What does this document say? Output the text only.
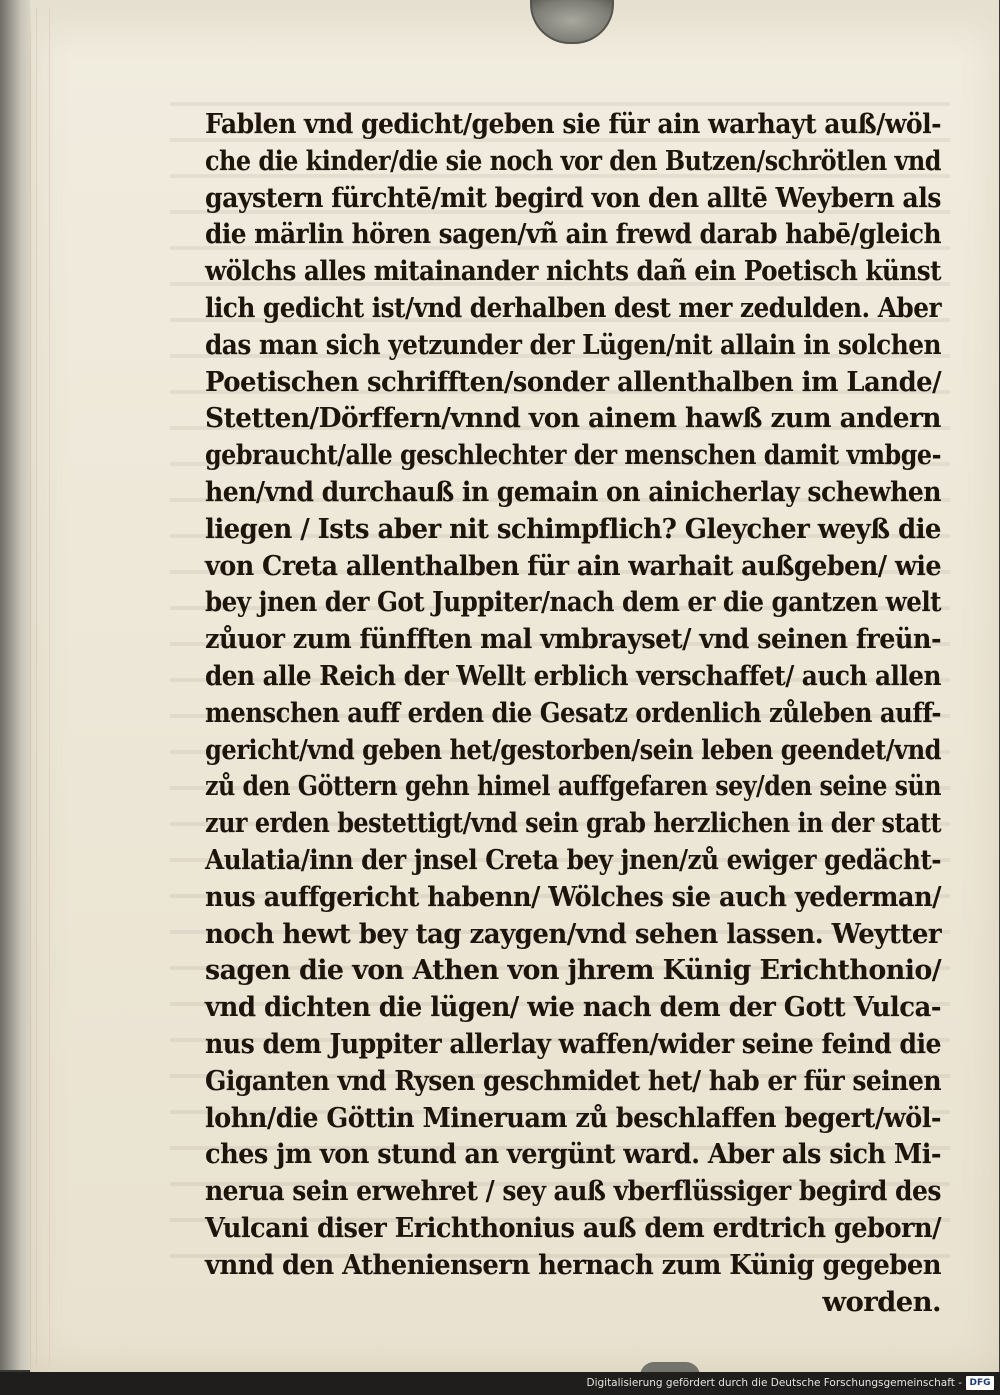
Fablen vnd gedicht/geben sie für ain warhayt auß/wöl-
che die kinder/die sie noch vor den Butzen/schrötlen vnd
gaystern fürchtē/mit begird von den alltē Weybern als
die märlin hören sagen/vñ ain frewd darab habē/gleich
wölchs alles mitainander nichts dañ ein Poetisch künst
lich gedicht ist/vnd derhalben dest mer zedulden. Aber
das man sich yetzunder der Lügen/nit allain in solchen
Poetischen schrifften/sonder allenthalben im Lande/
Stetten/Dörffern/vnnd von ainem hawß zum andern
gebraucht/alle geschlechter der menschen damit vmbge-
hen/vnd durchauß in gemain on ainicherlay schewhen
liegen / Ists aber nit schimpflich? Gleycher weyß die
von Creta allenthalben für ain warhait außgeben/ wie
bey jnen der Got Juppiter/nach dem er die gantzen welt
zůuor zum fünfften mal vmbrayset/ vnd seinen freün-
den alle Reich der Wellt erblich verschaffet/ auch allen
menschen auff erden die Gesatz ordenlich zůleben auff-
gericht/vnd geben het/gestorben/sein leben geendet/vnd
zů den Göttern gehn himel auffgefaren sey/den seine sün
zur erden bestettigt/vnd sein grab herzlichen in der statt
Aulatia/inn der jnsel Creta bey jnen/zů ewiger gedächt-
nus auffgericht habenn/ Wölches sie auch yederman/
noch hewt bey tag zaygen/vnd sehen lassen. Weytter
sagen die von Athen von jhrem Künig Erichthonio/
vnd dichten die lügen/ wie nach dem der Gott Vulca-
nus dem Juppiter allerlay waffen/wider seine feind die
Giganten vnd Rysen geschmidet het/ hab er für seinen
lohn/die Göttin Mineruam zů beschlaffen begert/wöl-
ches jm von stund an vergünt ward. Aber als sich Mi-
nerua sein erwehret / sey auß vberflüssiger begird des
Vulcani diser Erichthonius auß dem erdtrich geborn/
vnnd den Atheniensern hernach zum Künig gegeben
worden.
Digitalisierung gefördert durch die Deutsche Forschungsgemeinschaft - DFG
